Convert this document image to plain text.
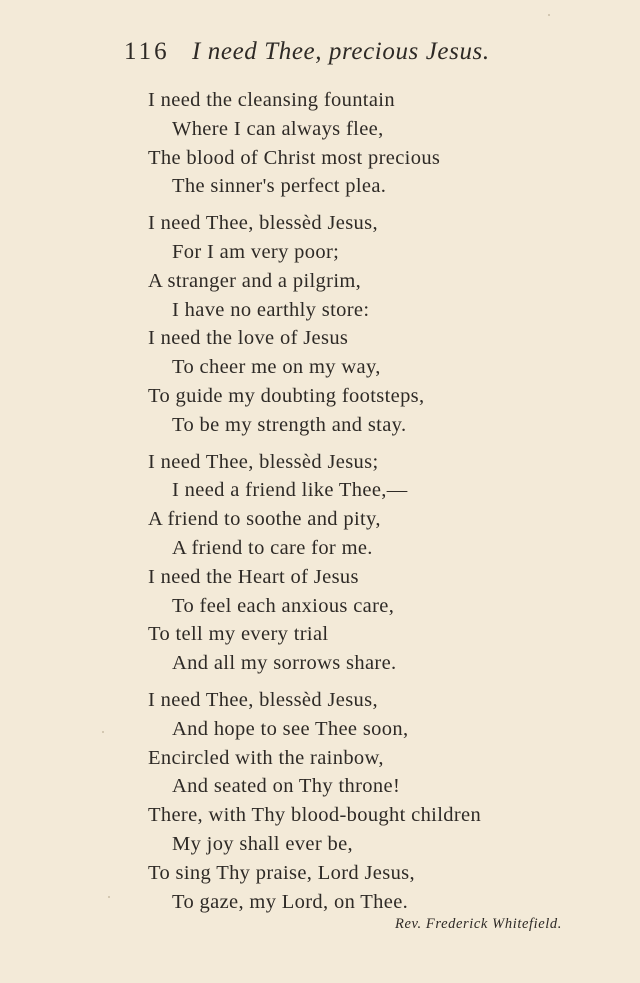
116 I need Thee, precious Jesus.
I need the cleansing fountain
Where I can always flee,
The blood of Christ most precious
The sinner's perfect plea.
I need Thee, blessèd Jesus,
For I am very poor;
A stranger and a pilgrim,
I have no earthly store:
I need the love of Jesus
To cheer me on my way,
To guide my doubting footsteps,
To be my strength and stay.
I need Thee, blessèd Jesus;
I need a friend like Thee,—
A friend to soothe and pity,
A friend to care for me.
I need the Heart of Jesus
To feel each anxious care,
To tell my every trial
And all my sorrows share.
I need Thee, blessèd Jesus,
And hope to see Thee soon,
Encircled with the rainbow,
And seated on Thy throne!
There, with Thy blood-bought children
My joy shall ever be,
To sing Thy praise, Lord Jesus,
To gaze, my Lord, on Thee.
Rev. Frederick Whitefield.
